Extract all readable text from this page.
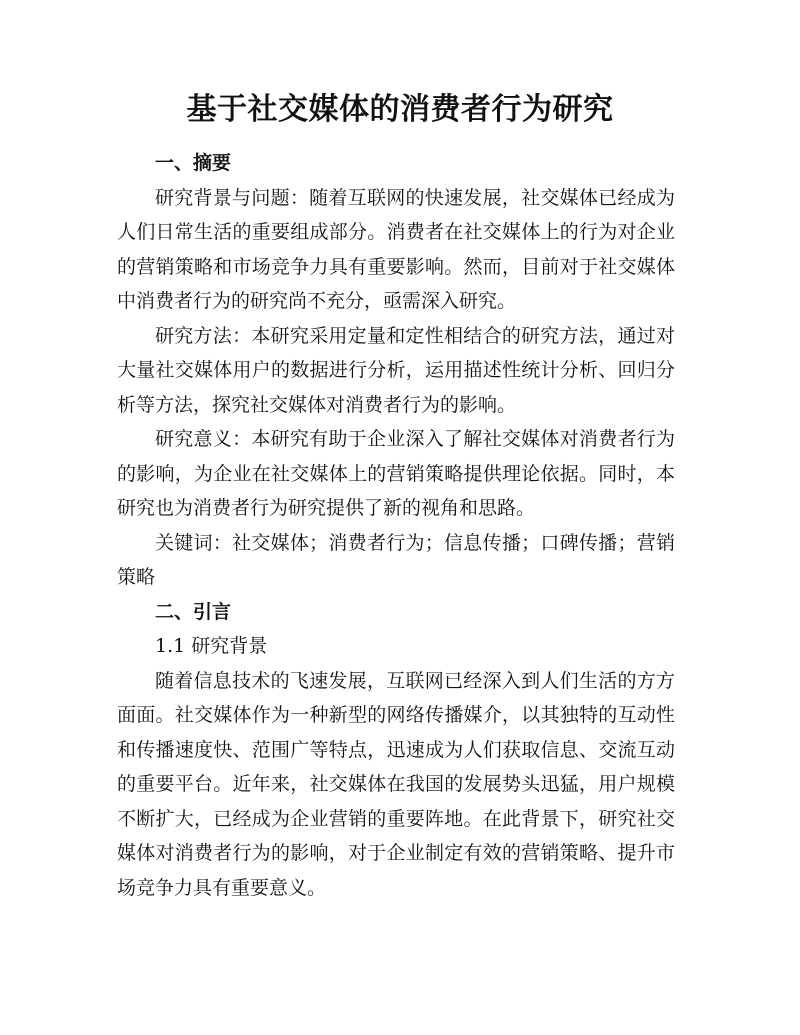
基于社交媒体的消费者行为研究
一、摘要

研究背景与问题：随着互联网的快速发展，社交媒体已经成为人们日常生活的重要组成部分。消费者在社交媒体上的行为对企业的营销策略和市场竞争力具有重要影响。然而，目前对于社交媒体中消费者行为的研究尚不充分，亟需深入研究。

研究方法：本研究采用定量和定性相结合的研究方法，通过对大量社交媒体用户的数据进行分析，运用描述性统计分析、回归分析等方法，探究社交媒体对消费者行为的影响。

研究意义：本研究有助于企业深入了解社交媒体对消费者行为的影响，为企业在社交媒体上的营销策略提供理论依据。同时，本研究也为消费者行为研究提供了新的视角和思路。

关键词：社交媒体；消费者行为；信息传播；口碑传播；营销策略

二、引言
1.1 研究背景

随着信息技术的飞速发展，互联网已经深入到人们生活的方方面面。社交媒体作为一种新型的网络传播媒介，以其独特的互动性和传播速度快、范围广等特点，迅速成为人们获取信息、交流互动的重要平台。近年来，社交媒体在我国的发展势头迅猛，用户规模不断扩大，已经成为企业营销的重要阵地。在此背景下，研究社交媒体对消费者行为的影响，对于企业制定有效的营销策略、提升市场竞争力具有重要意义。
